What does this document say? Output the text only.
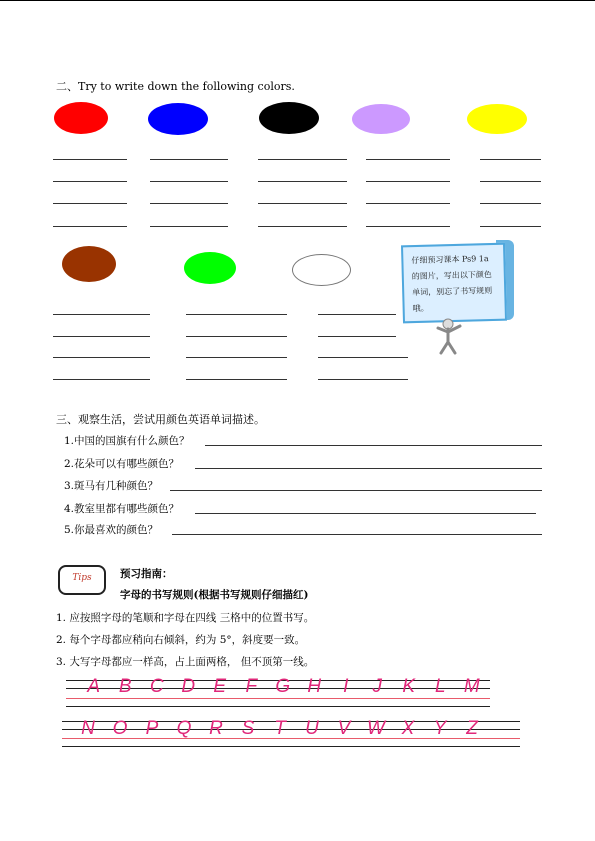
二、Try to write down the following colors.
仔细预习课本 Ps9 1a 的图片，写出以下颜色单词，别忘了书写规则哦。
三、观察生活，尝试用颜色英语单词描述。
1.中国的国旗有什么颜色？
2.花朵可以有哪些颜色？
3.斑马有几种颜色？
4.教室里都有哪些颜色？
5.你最喜欢的颜色？
Tips	预习指南：
字母的书写规则(根据书写规则仔细描红)
1. 应按照字母的笔顺和字母在四线 三格中的位置书写。
2. 每个字母都应稍向右倾斜，约为 5°，斜度要一致。
3. 大写字母都应一样高，占上面两格， 但不顶第一线。
A B C D E F G H I J K L M
N O P Q R S T U V W X Y Z
